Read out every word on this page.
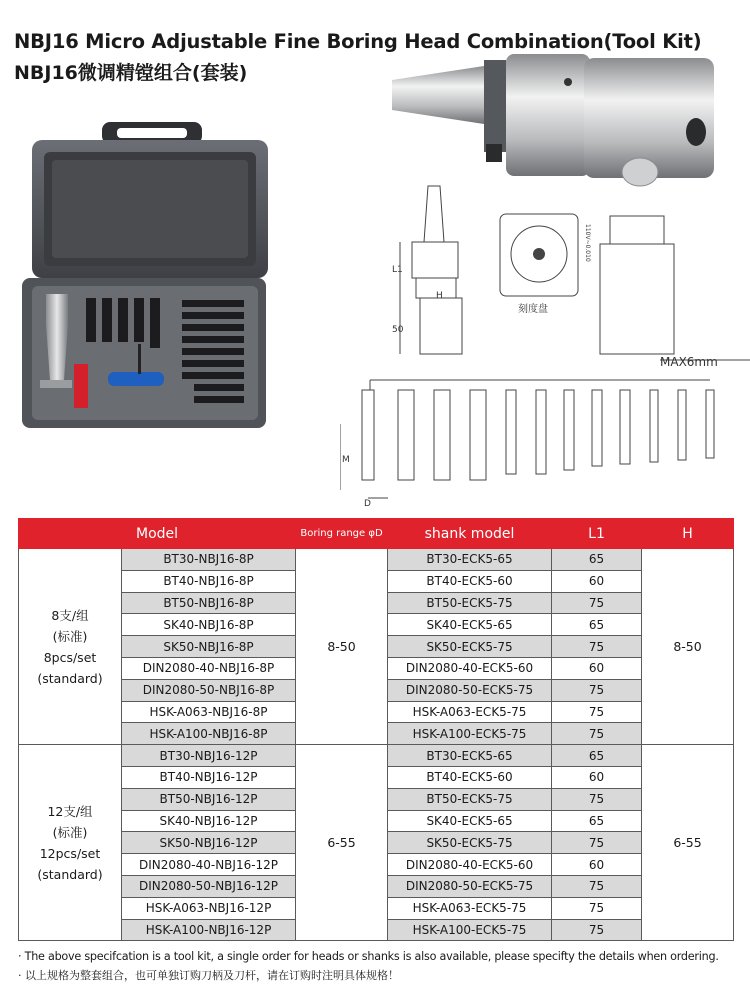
NBJ16 Micro Adjustable Fine Boring Head Combination(Tool Kit)
NBJ16微调精镗组合(套装)
L1
H
50
刻度盘
110V~0.010
MAX6mm
M
D
Model		Boring range φD	shank model	L1	H
8支/组
(标准)
8pcs/set
(standard)	BT30-NBJ16-8P	8-50	BT30-ECK5-65	65	8-50
	BT40-NBJ16-8P		BT40-ECK5-60	60	
	BT50-NBJ16-8P		BT50-ECK5-75	75	
	SK40-NBJ16-8P		SK40-ECK5-65	65	
	SK50-NBJ16-8P		SK50-ECK5-75	75	
	DIN2080-40-NBJ16-8P		DIN2080-40-ECK5-60	60	
	DIN2080-50-NBJ16-8P		DIN2080-50-ECK5-75	75	
	HSK-A063-NBJ16-8P		HSK-A063-ECK5-75	75	
	HSK-A100-NBJ16-8P		HSK-A100-ECK5-75	75	
12支/组
(标准)
12pcs/set
(standard)	BT30-NBJ16-12P	6-55	BT30-ECK5-65	65	6-55
	BT40-NBJ16-12P		BT40-ECK5-60	60	
	BT50-NBJ16-12P		BT50-ECK5-75	75	
	SK40-NBJ16-12P		SK40-ECK5-65	65	
	SK50-NBJ16-12P		SK50-ECK5-75	75	
	DIN2080-40-NBJ16-12P		DIN2080-40-ECK5-60	60	
	DIN2080-50-NBJ16-12P		DIN2080-50-ECK5-75	75	
	HSK-A063-NBJ16-12P		HSK-A063-ECK5-75	75	
	HSK-A100-NBJ16-12P		HSK-A100-ECK5-75	75	
· The above specifcation is a tool kit, a single order for heads or shanks is also available, please specifty the details when ordering.
· 以上规格为整套组合，也可单独订购刀柄及刀杆，请在订购时注明具体规格！
